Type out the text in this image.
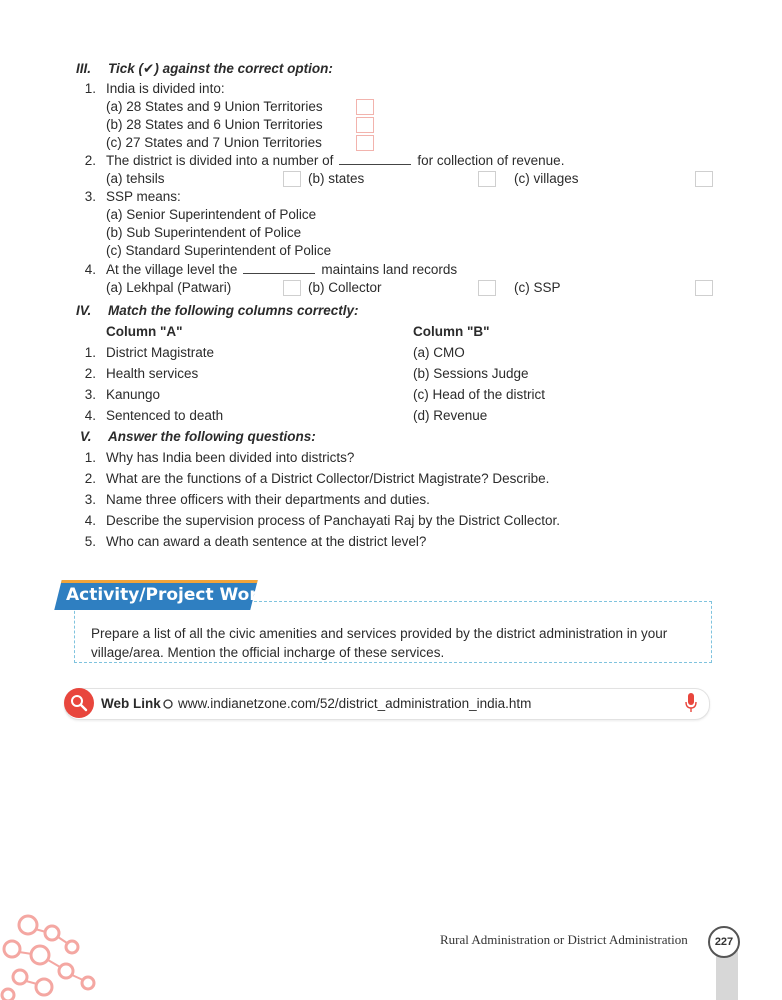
III. Tick (✔) against the correct option:
1. India is divided into:
(a) 28 States and 9 Union Territories
(b) 28 States and 6 Union Territories
(c) 27 States and 7 Union Territories
2. The district is divided into a number of	for collection of revenue.
(a) tehsils	(b) states	(c) villages
3. SSP means:
(a) Senior Superintendent of Police
(b) Sub Superintendent of Police
(c) Standard Superintendent of Police
4. At the village level the	maintains land records
(a) Lekhpal (Patwari)	(b) Collector	(c) SSP
IV. Match the following columns correctly:
Column "A"	Column "B"
1. District Magistrate	(a) CMO
2. Health services	(b) Sessions Judge
3. Kanungo	(c) Head of the district
4. Sentenced to death	(d) Revenue
V. Answer the following questions:
1. Why has India been divided into districts?
2. What are the functions of a District Collector/District Magistrate? Describe.
3. Name three officers with their departments and duties.
4. Describe the supervision process of Panchayati Raj by the District Collector.
5. Who can award a death sentence at the district level?
Activity/Project Work
Prepare a list of all the civic amenities and services provided by the district administration in your village/area. Mention the official incharge of these services.
Web Link www.indianetzone.com/52/district_administration_india.htm
Rural Administration or District Administration	227
